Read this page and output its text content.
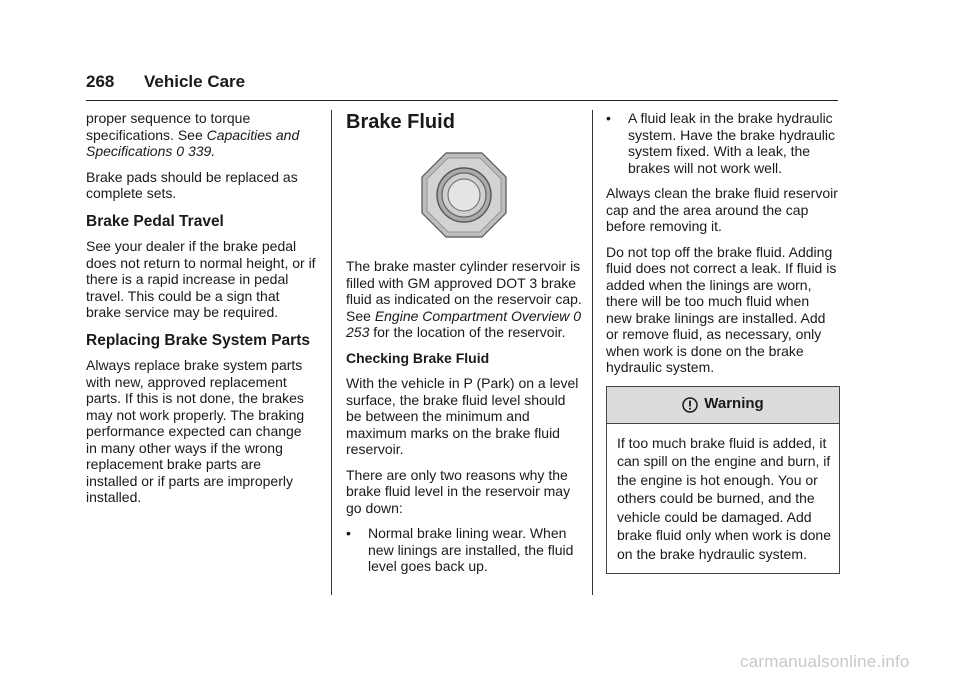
268 Vehicle Care

proper sequence to torque specifications. See Capacities and Specifications 0 339.

Brake pads should be replaced as complete sets.

Brake Pedal Travel

See your dealer if the brake pedal does not return to normal height, or if there is a rapid increase in pedal travel. This could be a sign that brake service may be required.

Replacing Brake System Parts

Always replace brake system parts with new, approved replacement parts. If this is not done, the brakes may not work properly. The braking performance expected can change in many other ways if the wrong replacement brake parts are installed or if parts are improperly installed.

Brake Fluid

The brake master cylinder reservoir is filled with GM approved DOT 3 brake fluid as indicated on the reservoir cap. See Engine Compartment Overview 0 253 for the location of the reservoir.

Checking Brake Fluid

With the vehicle in P (Park) on a level surface, the brake fluid level should be between the minimum and maximum marks on the brake fluid reservoir.

There are only two reasons why the brake fluid level in the reservoir may go down:

•	Normal brake lining wear. When new linings are installed, the fluid level goes back up.
•	A fluid leak in the brake hydraulic system. Have the brake hydraulic system fixed. With a leak, the brakes will not work well.

Always clean the brake fluid reservoir cap and the area around the cap before removing it.

Do not top off the brake fluid. Adding fluid does not correct a leak. If fluid is added when the linings are worn, there will be too much fluid when new brake linings are installed. Add or remove fluid, as necessary, only when work is done on the brake hydraulic system.

Warning
If too much brake fluid is added, it can spill on the engine and burn, if the engine is hot enough. You or others could be burned, and the vehicle could be damaged. Add brake fluid only when work is done on the brake hydraulic system.
carmanualsonline.info
